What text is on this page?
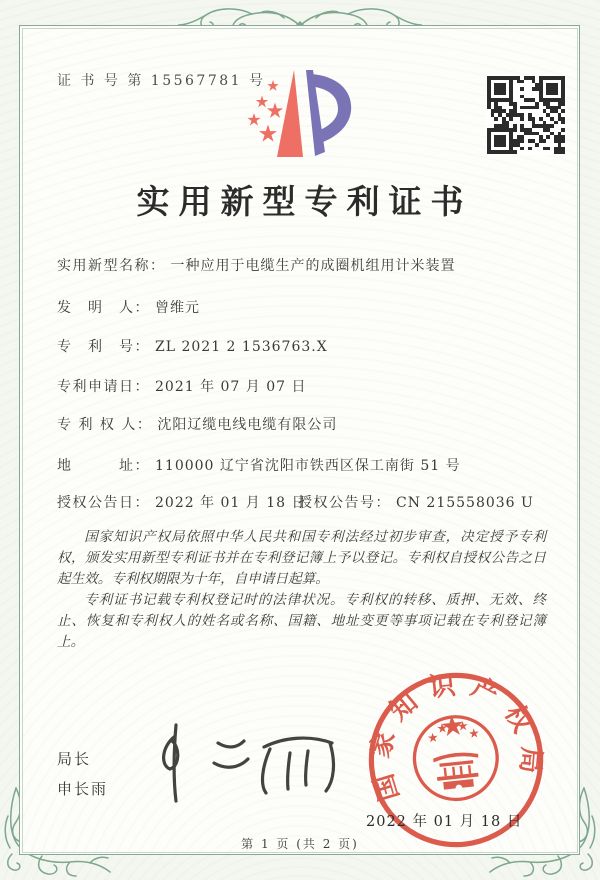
证 书 号 第 15567781 号
实用新型专利证书
实用新型名称： 一种应用于电缆生产的成圈机组用计米装置
发　明　人： 曾维元
专　利　号： ZL 2021 2 1536763.X
专利申请日： 2021 年 07 月 07 日
专 利 权 人： 沈阳辽缆电线电缆有限公司
地　　　址： 110000 辽宁省沈阳市铁西区保工南街 51 号
授权公告日： 2022 年 01 月 18 日
授权公告号： CN 215558036 U

国家知识产权局依照中华人民共和国专利法经过初步审查，决定授予专利权，颁发实用新型专利证书并在专利登记簿上予以登记。专利权自授权公告之日起生效。专利权期限为十年，自申请日起算。

专利证书记载专利权登记时的法律状况。专利权的转移、质押、无效、终止、恢复和专利权人的姓名或名称、国籍、地址变更等事项记载在专利登记簿上。

局长
申长雨	国家知识产权局
2022 年 01 月 18 日
第 1 页 (共 2 页)
